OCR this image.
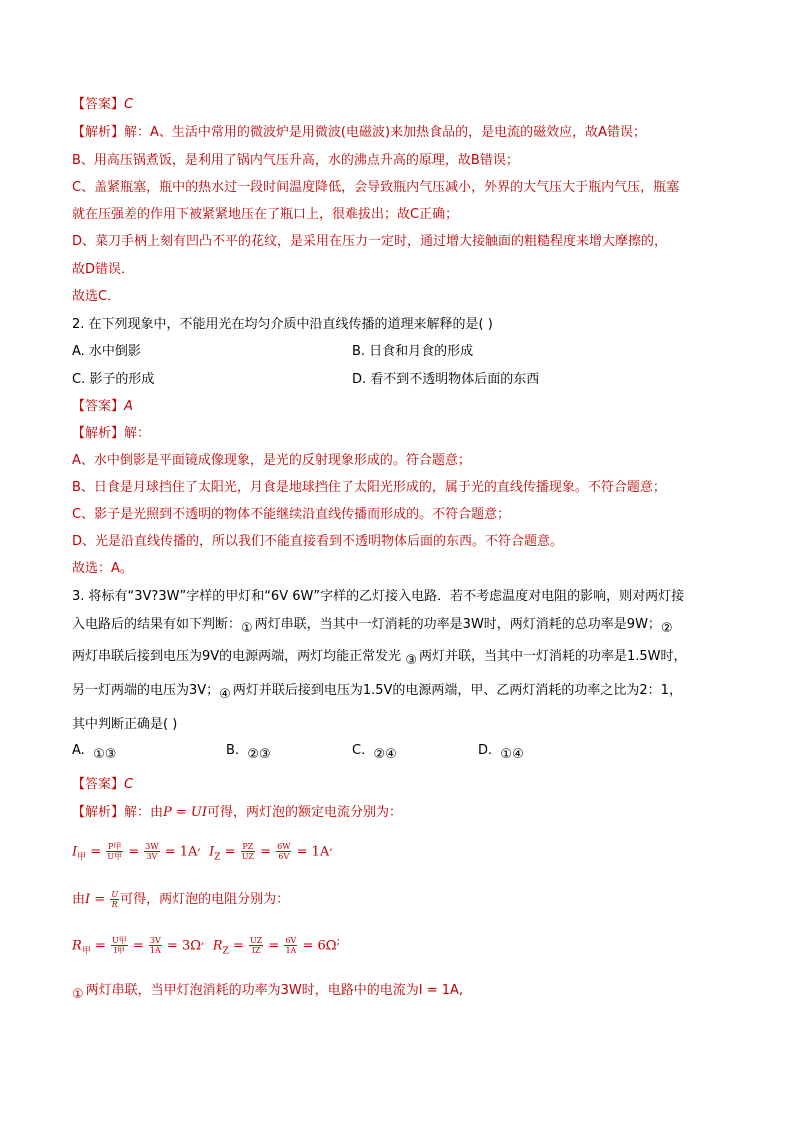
【答案】C
【解析】解：A、生活中常用的微波炉是用微波(电磁波)来加热食品的，是电流的磁效应，故A错误；
B、用高压锅煮饭，是利用了锅内气压升高，水的沸点升高的原理，故B错误；
C、盖紧瓶塞，瓶中的热水过一段时间温度降低，会导致瓶内气压减小，外界的大气压大于瓶内气压，瓶塞
就在压强差的作用下被紧紧地压在了瓶口上，很难拔出；故C正确；
D、菜刀手柄上刻有凹凸不平的花纹，是采用在压力一定时，通过增大接触面的粗糙程度来增大摩擦的，
故D错误．
故选C．
2. 在下列现象中，不能用光在均匀介质中沿直线传播的道理来解释的是( )
A. 水中倒影	B. 日食和月食的形成
C. 影子的形成	D. 看不到不透明物体后面的东西
【答案】A
【解析】解：
A、水中倒影是平面镜成像现象，是光的反射现象形成的。符合题意；
B、日食是月球挡住了太阳光，月食是地球挡住了太阳光形成的，属于光的直线传播现象。不符合题意；
C、影子是光照到不透明的物体不能继续沿直线传播而形成的。不符合题意；
D、光是沿直线传播的，所以我们不能直接看到不透明物体后面的东西。不符合题意。
故选：A。
3. 将标有“3V?3W”字样的甲灯和“6V 6W”字样的乙灯接入电路．若不考虑温度对电阻的影响，则对两灯接
入电路后的结果有如下判断：① 两灯串联，当其中一灯消耗的功率是3W时，两灯消耗的总功率是9W；②
两灯串联后接到电压为9V的电源两端，两灯均能正常发光 ③ 两灯并联，当其中一灯消耗的功率是1.5W时，
另一灯两端的电压为3V；④ 两灯并联后接到电压为1.5V的电源两端，甲、乙两灯消耗的功率之比为2：1，
其中判断正确是( )
A. ①③	B. ②③	C. ②④	D. ①④
【答案】C
【解析】解：由P = UI可得，两灯泡的额定电流分别为：
$I_甲 = \frac{\text{P甲}}{\text{U甲}} = \frac{3W}{3V} = 1A^,$ $I_Z = \frac{PZ}{UZ} = \frac{6W}{6V} = 1A^,$
由$I = \frac{U}{R}$ 可得，两灯泡的电阻分别为：
$R_甲 = \frac{\text{U甲}}{\text{I甲}} = \frac{3V}{1A} = 3\Omega^,$ $R_Z = \frac{UZ}{IZ} = \frac{6V}{1A} = 6\Omega^;$
① 两灯串联，当甲灯泡消耗的功率为3W时，电路中的电流为I = 1A,
